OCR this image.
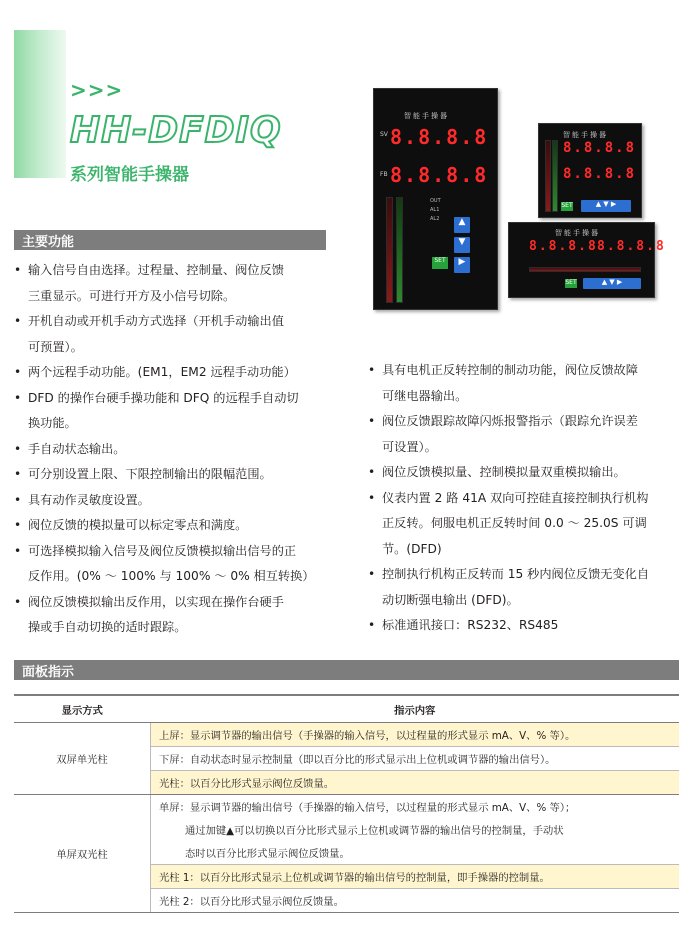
>>>
HH-DFDIQ
系列智能手操器
智能手操器
SV 8.8.8.8
FB 8.8.8.8
OUT
AL1
AL2	▲
▼
▶
SET
智能手操器
8.8.8.8
8.8.8.8
SET	▲ ▼ ▶
智能手操器
8.8.8.8 8.8.8.8
SET	▲ ▼ ▶
主要功能
• 输入信号自由选择。过程量、控制量、阀位反馈
三重显示。可进行开方及小信号切除。
• 开机自动或开机手动方式选择（开机手动输出值
可预置）。
• 两个远程手动功能。(EM1，EM2 远程手动功能）
• DFD 的操作台硬手操功能和 DFQ 的远程手自动切
换功能。
• 手自动状态输出。
• 可分别设置上限、下限控制输出的限幅范围。
• 具有动作灵敏度设置。
• 阀位反馈的模拟量可以标定零点和满度。
• 可选择模拟输入信号及阀位反馈模拟输出信号的正
反作用。(0% ～ 100% 与 100% ～ 0% 相互转换）
• 阀位反馈模拟输出反作用，以实现在操作台硬手
操或手自动切换的适时跟踪。
• 具有电机正反转控制的制动功能，阀位反馈故障
可继电器输出。
• 阀位反馈跟踪故障闪烁报警指示（跟踪允许误差
可设置）。
• 阀位反馈模拟量、控制模拟量双重模拟输出。
• 仪表内置 2 路 41A 双向可控硅直接控制执行机构
正反转。伺服电机正反转时间 0.0 ～ 25.0S 可调
节。(DFD)
• 控制执行机构正反转而 15 秒内阀位反馈无变化自
动切断强电输出 (DFD)。
• 标准通讯接口：RS232、RS485
面板指示
显示方式	指示内容
双屏单光柱	上屏：显示调节器的输出信号（手操器的输入信号，以过程量的形式显示 mA、V、% 等）。
	下屏：自动状态时显示控制量（即以百分比的形式显示出上位机或调节器的输出信号）。
	光柱：以百分比形式显示阀位反馈量。
单屏双光柱	单屏：显示调节器的输出信号（手操器的输入信号，以过程量的形式显示 mA、V、% 等）；
	通过加键▲可以切换以百分比形式显示上位机或调节器的输出信号的控制量，手动状
	态时以百分比形式显示阀位反馈量。
	光柱 1：以百分比形式显示上位机或调节器的输出信号的控制量，即手操器的控制量。
	光柱 2：以百分比形式显示阀位反馈量。
